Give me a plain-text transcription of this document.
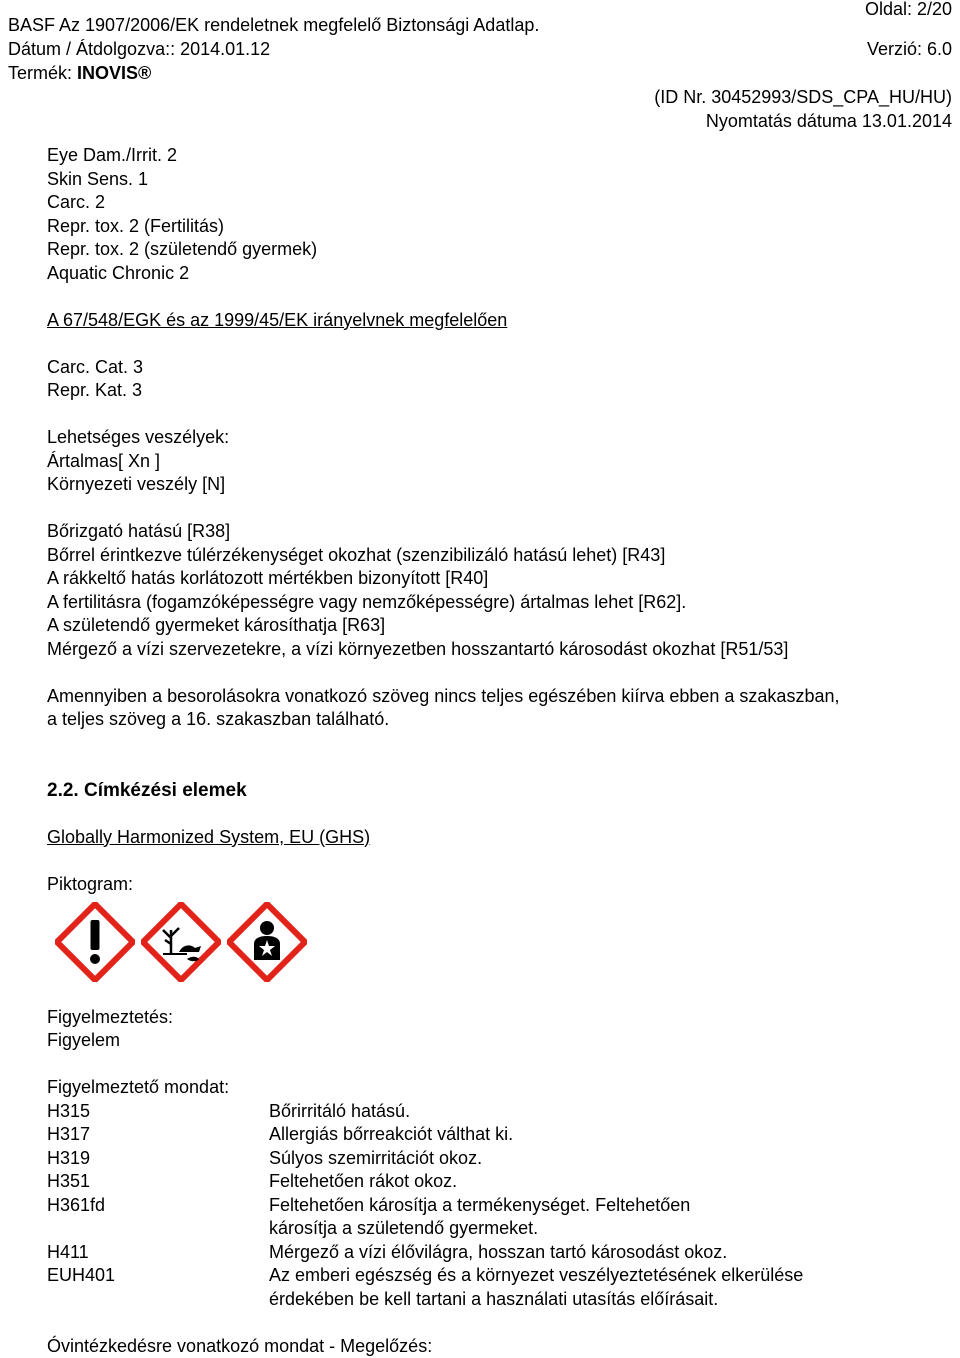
Oldal: 2/20
BASF Az 1907/2006/EK rendeletnek megfelelő Biztonsági Adatlap.
Dátum / Átdolgozva:: 2014.01.12	Verzió: 6.0
Termék: INOVIS®
(ID Nr. 30452993/SDS_CPA_HU/HU)
Nyomtatás dátuma 13.01.2014
Eye Dam./Irrit. 2
Skin Sens. 1
Carc. 2
Repr. tox. 2 (Fertilitás)
Repr. tox. 2 (születendő gyermek)
Aquatic Chronic 2
A 67/548/EGK és az 1999/45/EK irányelvnek megfelelően
Carc. Cat. 3
Repr. Kat. 3
Lehetséges veszélyek:
Ártalmas[ Xn ]
Környezeti veszély [N]
Bőrizgató hatású [R38]
Bőrrel érintkezve túlérzékenységet okozhat (szenzibilizáló hatású lehet) [R43]
A rákkeltő hatás korlátozott mértékben bizonyított [R40]
A fertilitásra (fogamzóképességre vagy nemzőképességre) ártalmas lehet [R62].
A születendő gyermeket károsíthatja [R63]
Mérgező a vízi szervezetekre, a vízi környezetben hosszantartó károsodást okozhat [R51/53]
Amennyiben a besorolásokra vonatkozó szöveg nincs teljes egészében kiírva ebben a szakaszban,
a teljes szöveg a 16. szakaszban található.
2.2. Címkézési elemek
Globally Harmonized System, EU (GHS)
Piktogram:
Figyelmeztetés:
Figyelem
Figyelmeztető mondat:
H315	Bőrirritáló hatású.
H317	Allergiás bőrreakciót válthat ki.
H319	Súlyos szemirritációt okoz.
H351	Feltehetően rákot okoz.
H361fd	Feltehetően károsítja a termékenységet. Feltehetően
károsítja a születendő gyermeket.
H411	Mérgező a vízi élővilágra, hosszan tartó károsodást okoz.
EUH401	Az emberi egészség és a környezet veszélyeztetésének elkerülése
érdekében be kell tartani a használati utasítás előírásait.
Óvintézkedésre vonatkozó mondat - Megelőzés:
